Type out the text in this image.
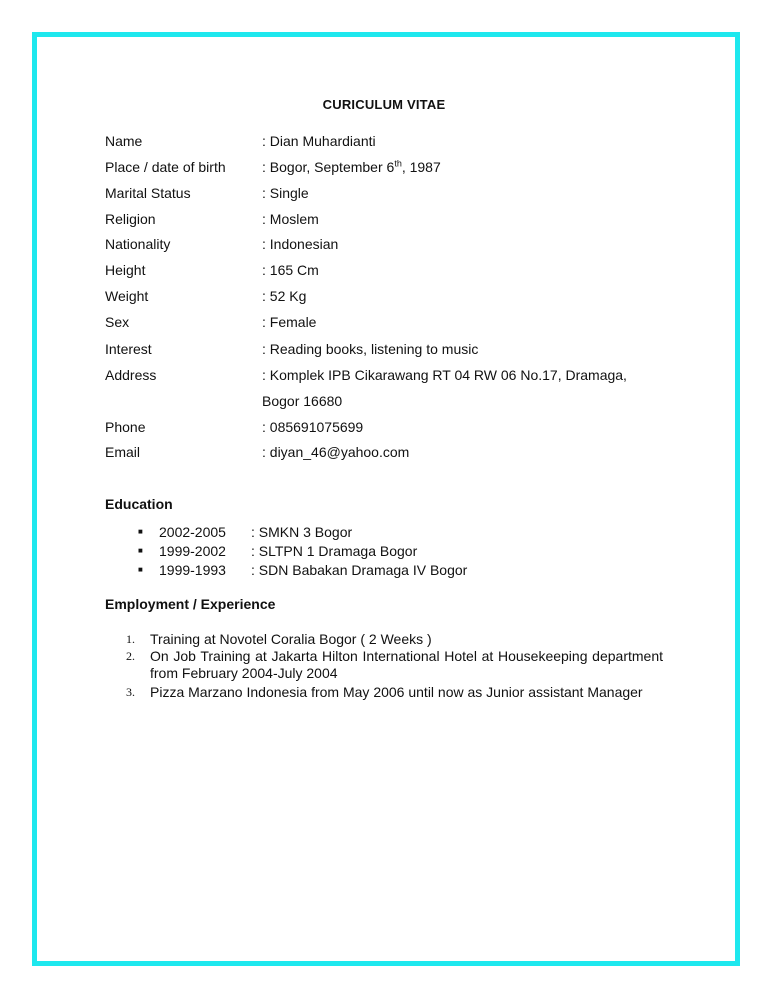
CURICULUM VITAE
Name	: Dian Muhardianti
Place / date of birth	: Bogor, September 6th, 1987
Marital Status	: Single
Religion	: Moslem
Nationality	: Indonesian
Height	: 165 Cm
Weight	: 52 Kg
Sex	: Female
Interest	: Reading books, listening to music
Address	: Komplek IPB Cikarawang RT 04 RW 06 No.17, Dramaga,
Bogor 16680
Phone	: 085691075699
Email	: diyan_46@yahoo.com
Education
■ 2002-2005 : SMKN 3 Bogor
■ 1999-2002 : SLTPN 1 Dramaga Bogor
■ 1999-1993 : SDN Babakan Dramaga IV Bogor
Employment / Experience
1. Training at Novotel Coralia Bogor ( 2 Weeks )
2. On Job Training at Jakarta Hilton International Hotel at Housekeeping department from February 2004-July 2004
3. Pizza Marzano Indonesia from May 2006 until now as Junior assistant Manager
